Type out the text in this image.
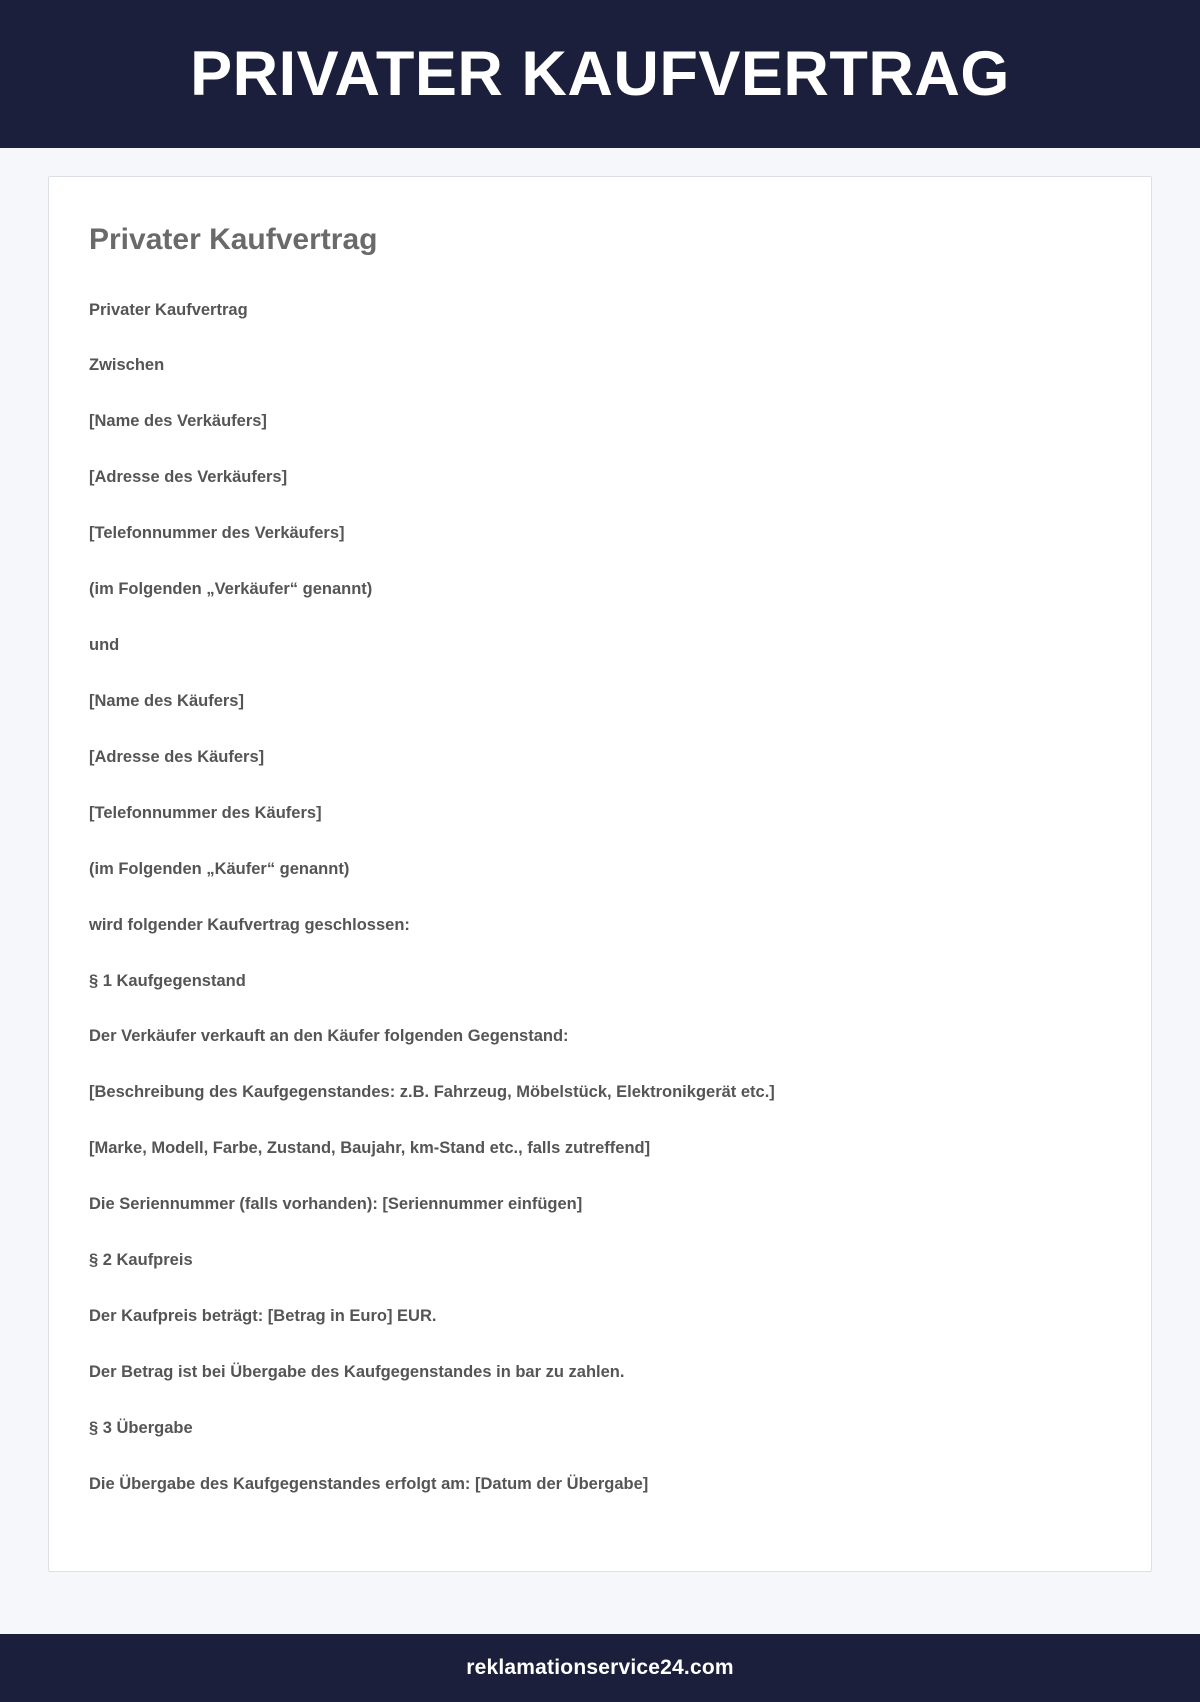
PRIVATER KAUFVERTRAG
Privater Kaufvertrag

Privater Kaufvertrag

Zwischen

[Name des Verkäufers]

[Adresse des Verkäufers]

[Telefonnummer des Verkäufers]

(im Folgenden „Verkäufer“ genannt)

und

[Name des Käufers]

[Adresse des Käufers]

[Telefonnummer des Käufers]

(im Folgenden „Käufer“ genannt)

wird folgender Kaufvertrag geschlossen:

§ 1 Kaufgegenstand

Der Verkäufer verkauft an den Käufer folgenden Gegenstand:

[Beschreibung des Kaufgegenstandes: z.B. Fahrzeug, Möbelstück, Elektronikgerät etc.]

[Marke, Modell, Farbe, Zustand, Baujahr, km-Stand etc., falls zutreffend]

Die Seriennummer (falls vorhanden): [Seriennummer einfügen]

§ 2 Kaufpreis

Der Kaufpreis beträgt: [Betrag in Euro] EUR.

Der Betrag ist bei Übergabe des Kaufgegenstandes in bar zu zahlen.

§ 3 Übergabe

Die Übergabe des Kaufgegenstandes erfolgt am: [Datum der Übergabe]

reklamationservice24.com
